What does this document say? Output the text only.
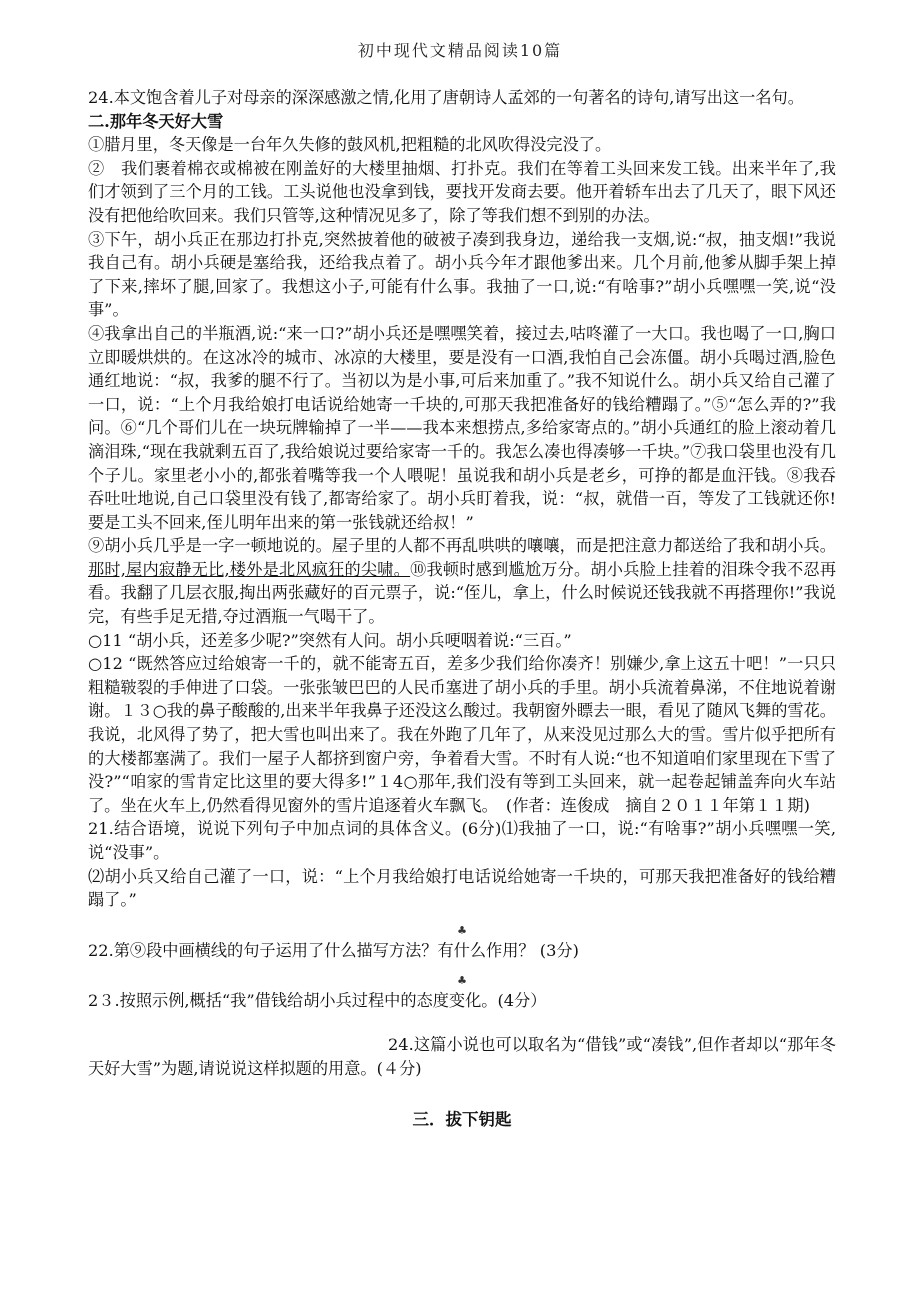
初中现代文精品阅读10篇

24.本文饱含着儿子对母亲的深深感激之情,化用了唐朝诗人孟郊的一句著名的诗句,请写出这一名句。

二.那年冬天好大雪

①腊月里，冬天像是一台年久失修的鼓风机,把粗糙的北风吹得没完没了。

②　我们裹着棉衣或棉被在刚盖好的大楼里抽烟、打扑克。我们在等着工头回来发工钱。出来半年了,我们才领到了三个月的工钱。工头说他也没拿到钱，要找开发商去要。他开着轿车出去了几天了，眼下风还没有把他给吹回来。我们只管等,这种情况见多了，除了等我们想不到别的办法。

③下午，胡小兵正在那边打扑克,突然披着他的破被子凑到我身边，递给我一支烟,说:“叔，抽支烟!”我说我自己有。胡小兵硬是塞给我，还给我点着了。胡小兵今年才跟他爹出来。几个月前,他爹从脚手架上掉了下来,摔坏了腿,回家了。我想这小子,可能有什么事。我抽了一口,说:“有啥事?”胡小兵嘿嘿一笑,说“没事”。

④我拿出自己的半瓶酒,说:“来一口?”胡小兵还是嘿嘿笑着，接过去,咕咚灌了一大口。我也喝了一口,胸口立即暖烘烘的。在这冰冷的城市、冰凉的大楼里，要是没有一口酒,我怕自己会冻僵。胡小兵喝过酒,脸色通红地说：“叔，我爹的腿不行了。当初以为是小事,可后来加重了。”我不知说什么。胡小兵又给自己灌了一口，说：“上个月我给娘打电话说给她寄一千块的,可那天我把准备好的钱给糟蹋了。”⑤“怎么弄的?”我问。⑥“几个哥们儿在一块玩牌输掉了一半——我本来想捞点,多给家寄点的。”胡小兵通红的脸上滚动着几滴泪珠,“现在我就剩五百了,我给娘说过要给家寄一千的。我怎么凑也得凑够一千块。”⑦我口袋里也没有几个子儿。家里老小小的,都张着嘴等我一个人喂呢！虽说我和胡小兵是老乡，可挣的都是血汗钱。⑧我吞吞吐吐地说,自己口袋里没有钱了,都寄给家了。胡小兵盯着我，说：“叔，就借一百，等发了工钱就还你!要是工头不回来,侄儿明年出来的第一张钱就还给叔！”

⑨胡小兵几乎是一字一顿地说的。屋子里的人都不再乱哄哄的嚷嚷，而是把注意力都送给了我和胡小兵。那时,屋内寂静无比,楼外是北风疯狂的尖啸。⑩我顿时感到尴尬万分。胡小兵脸上挂着的泪珠令我不忍再看。我翻了几层衣服,掏出两张藏好的百元票子，说:“侄儿，拿上，什么时候说还钱我就不再搭理你!”我说完，有些手足无措,夺过酒瓶一气喝干了。

○11 “胡小兵，还差多少呢?”突然有人问。胡小兵哽咽着说:“三百。”

○12 “既然答应过给娘寄一千的，就不能寄五百，差多少我们给你凑齐！别嫌少,拿上这五十吧！”一只只粗糙皲裂的手伸进了口袋。一张张皱巴巴的人民币塞进了胡小兵的手里。胡小兵流着鼻涕，不住地说着谢谢。１３○我的鼻子酸酸的,出来半年我鼻子还没这么酸过。我朝窗外瞟去一眼，看见了随风飞舞的雪花。我说，北风得了势了，把大雪也叫出来了。我在外跑了几年了，从来没见过那么大的雪。雪片似乎把所有的大楼都塞满了。我们一屋子人都挤到窗户旁，争着看大雪。不时有人说:“也不知道咱们家里现在下雪了没?”“咱家的雪肯定比这里的要大得多!”１4○那年,我们没有等到工头回来，就一起卷起铺盖奔向火车站了。坐在火车上,仍然看得见窗外的雪片追逐着火车飘飞。　 (作者：连俊成　摘自２０１１年第１１期)

21.结合语境，说说下列句子中加点词的具体含义。(6分)⑴我抽了一口，说:“有啥事?”胡小兵嘿嘿一笑,说“没事”。

⑵胡小兵又给自己灌了一口，说：“上个月我给娘打电话说给她寄一千块的，可那天我把准备好的钱给糟蹋了。”

♣

22.第⑨段中画横线的句子运用了什么描写方法？有什么作用？ (3分)

♣

2３.按照示例,概括“我”借钱给胡小兵过程中的态度变化。(4分）

24.这篇小说也可以取名为“借钱”或“凑钱”,但作者却以“那年冬天好大雪”为题,请说说这样拟题的用意。(４分)

三．拔下钥匙
